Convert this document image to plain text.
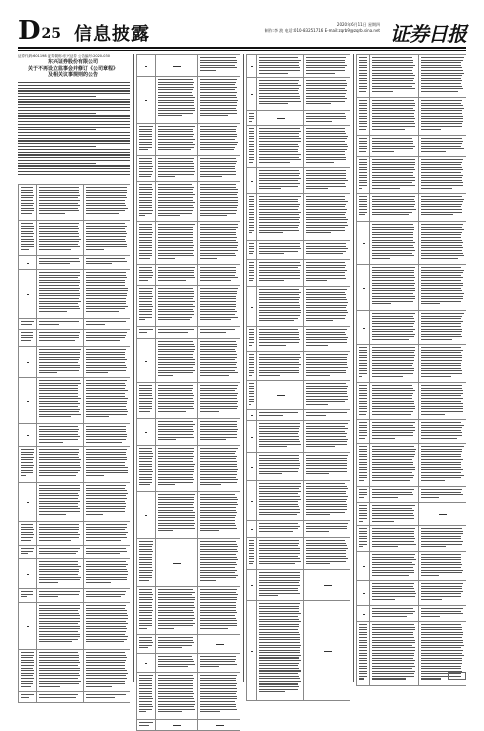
D25 信息披露	2020年6月11日 星期四
制作:李 波 电话:010-83251716 E-mail:zqrb9@zqrb.sina.net 证券日报
证券代码:601198 证券简称:东兴证券 公告编号:2020-030
东兴证券股份有限公司
关于不再设立监事会并修订《公司章程》
及相关议事规则的公告
